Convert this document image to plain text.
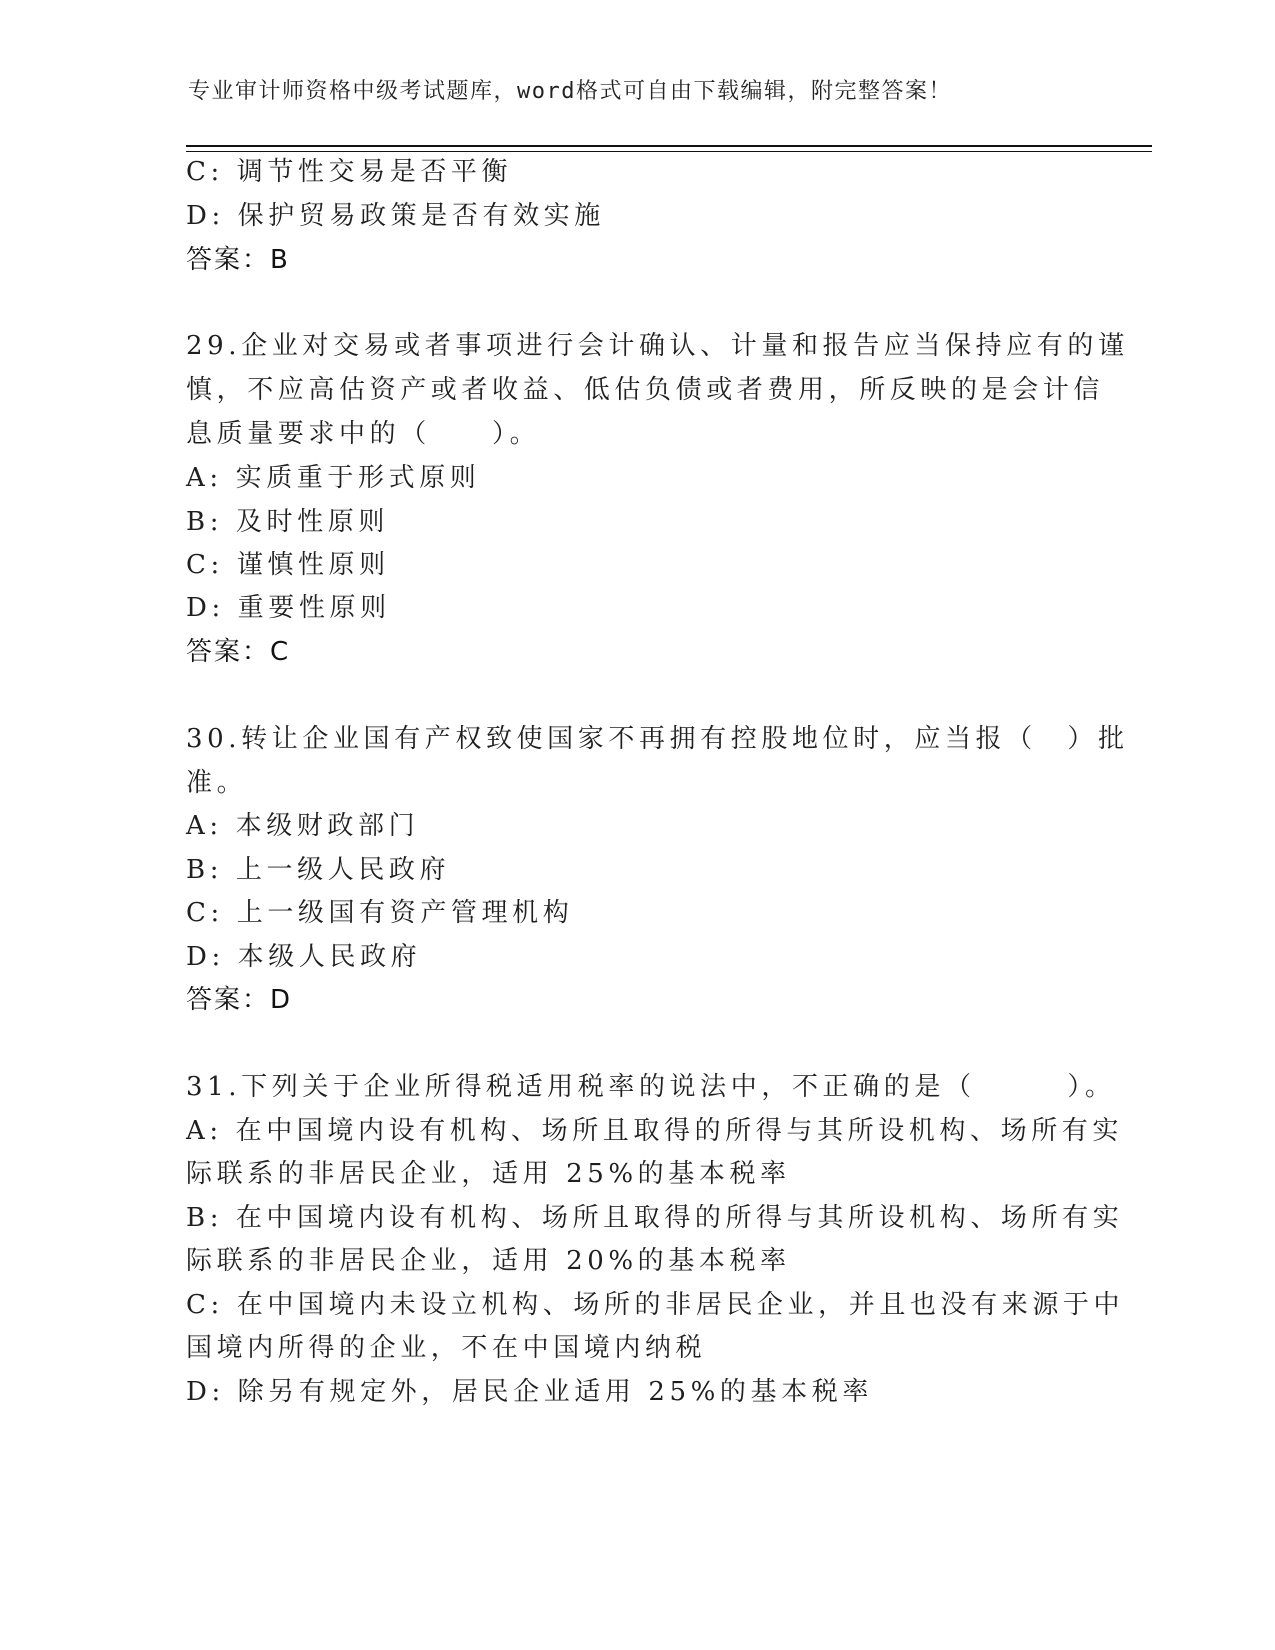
专业审计师资格中级考试题库，word格式可自由下载编辑，附完整答案！
C: 调节性交易是否平衡
D: 保护贸易政策是否有效实施
答案：B
29.企业对交易或者事项进行会计确认、计量和报告应当保持应有的谨
慎，不应高估资产或者收益、低估负债或者费用，所反映的是会计信
息质量要求中的（　　）。
A: 实质重于形式原则
B: 及时性原则
C: 谨慎性原则
D: 重要性原则
答案：C
30.转让企业国有产权致使国家不再拥有控股地位时，应当报（　）批
准。
A: 本级财政部门
B: 上一级人民政府
C: 上一级国有资产管理机构
D: 本级人民政府
答案：D
31.下列关于企业所得税适用税率的说法中，不正确的是（　　　）。
A: 在中国境内设有机构、场所且取得的所得与其所设机构、场所有实
际联系的非居民企业，适用 25%的基本税率
B: 在中国境内设有机构、场所且取得的所得与其所设机构、场所有实
际联系的非居民企业，适用 20%的基本税率
C: 在中国境内未设立机构、场所的非居民企业，并且也没有来源于中
国境内所得的企业，不在中国境内纳税
D: 除另有规定外，居民企业适用 25%的基本税率
